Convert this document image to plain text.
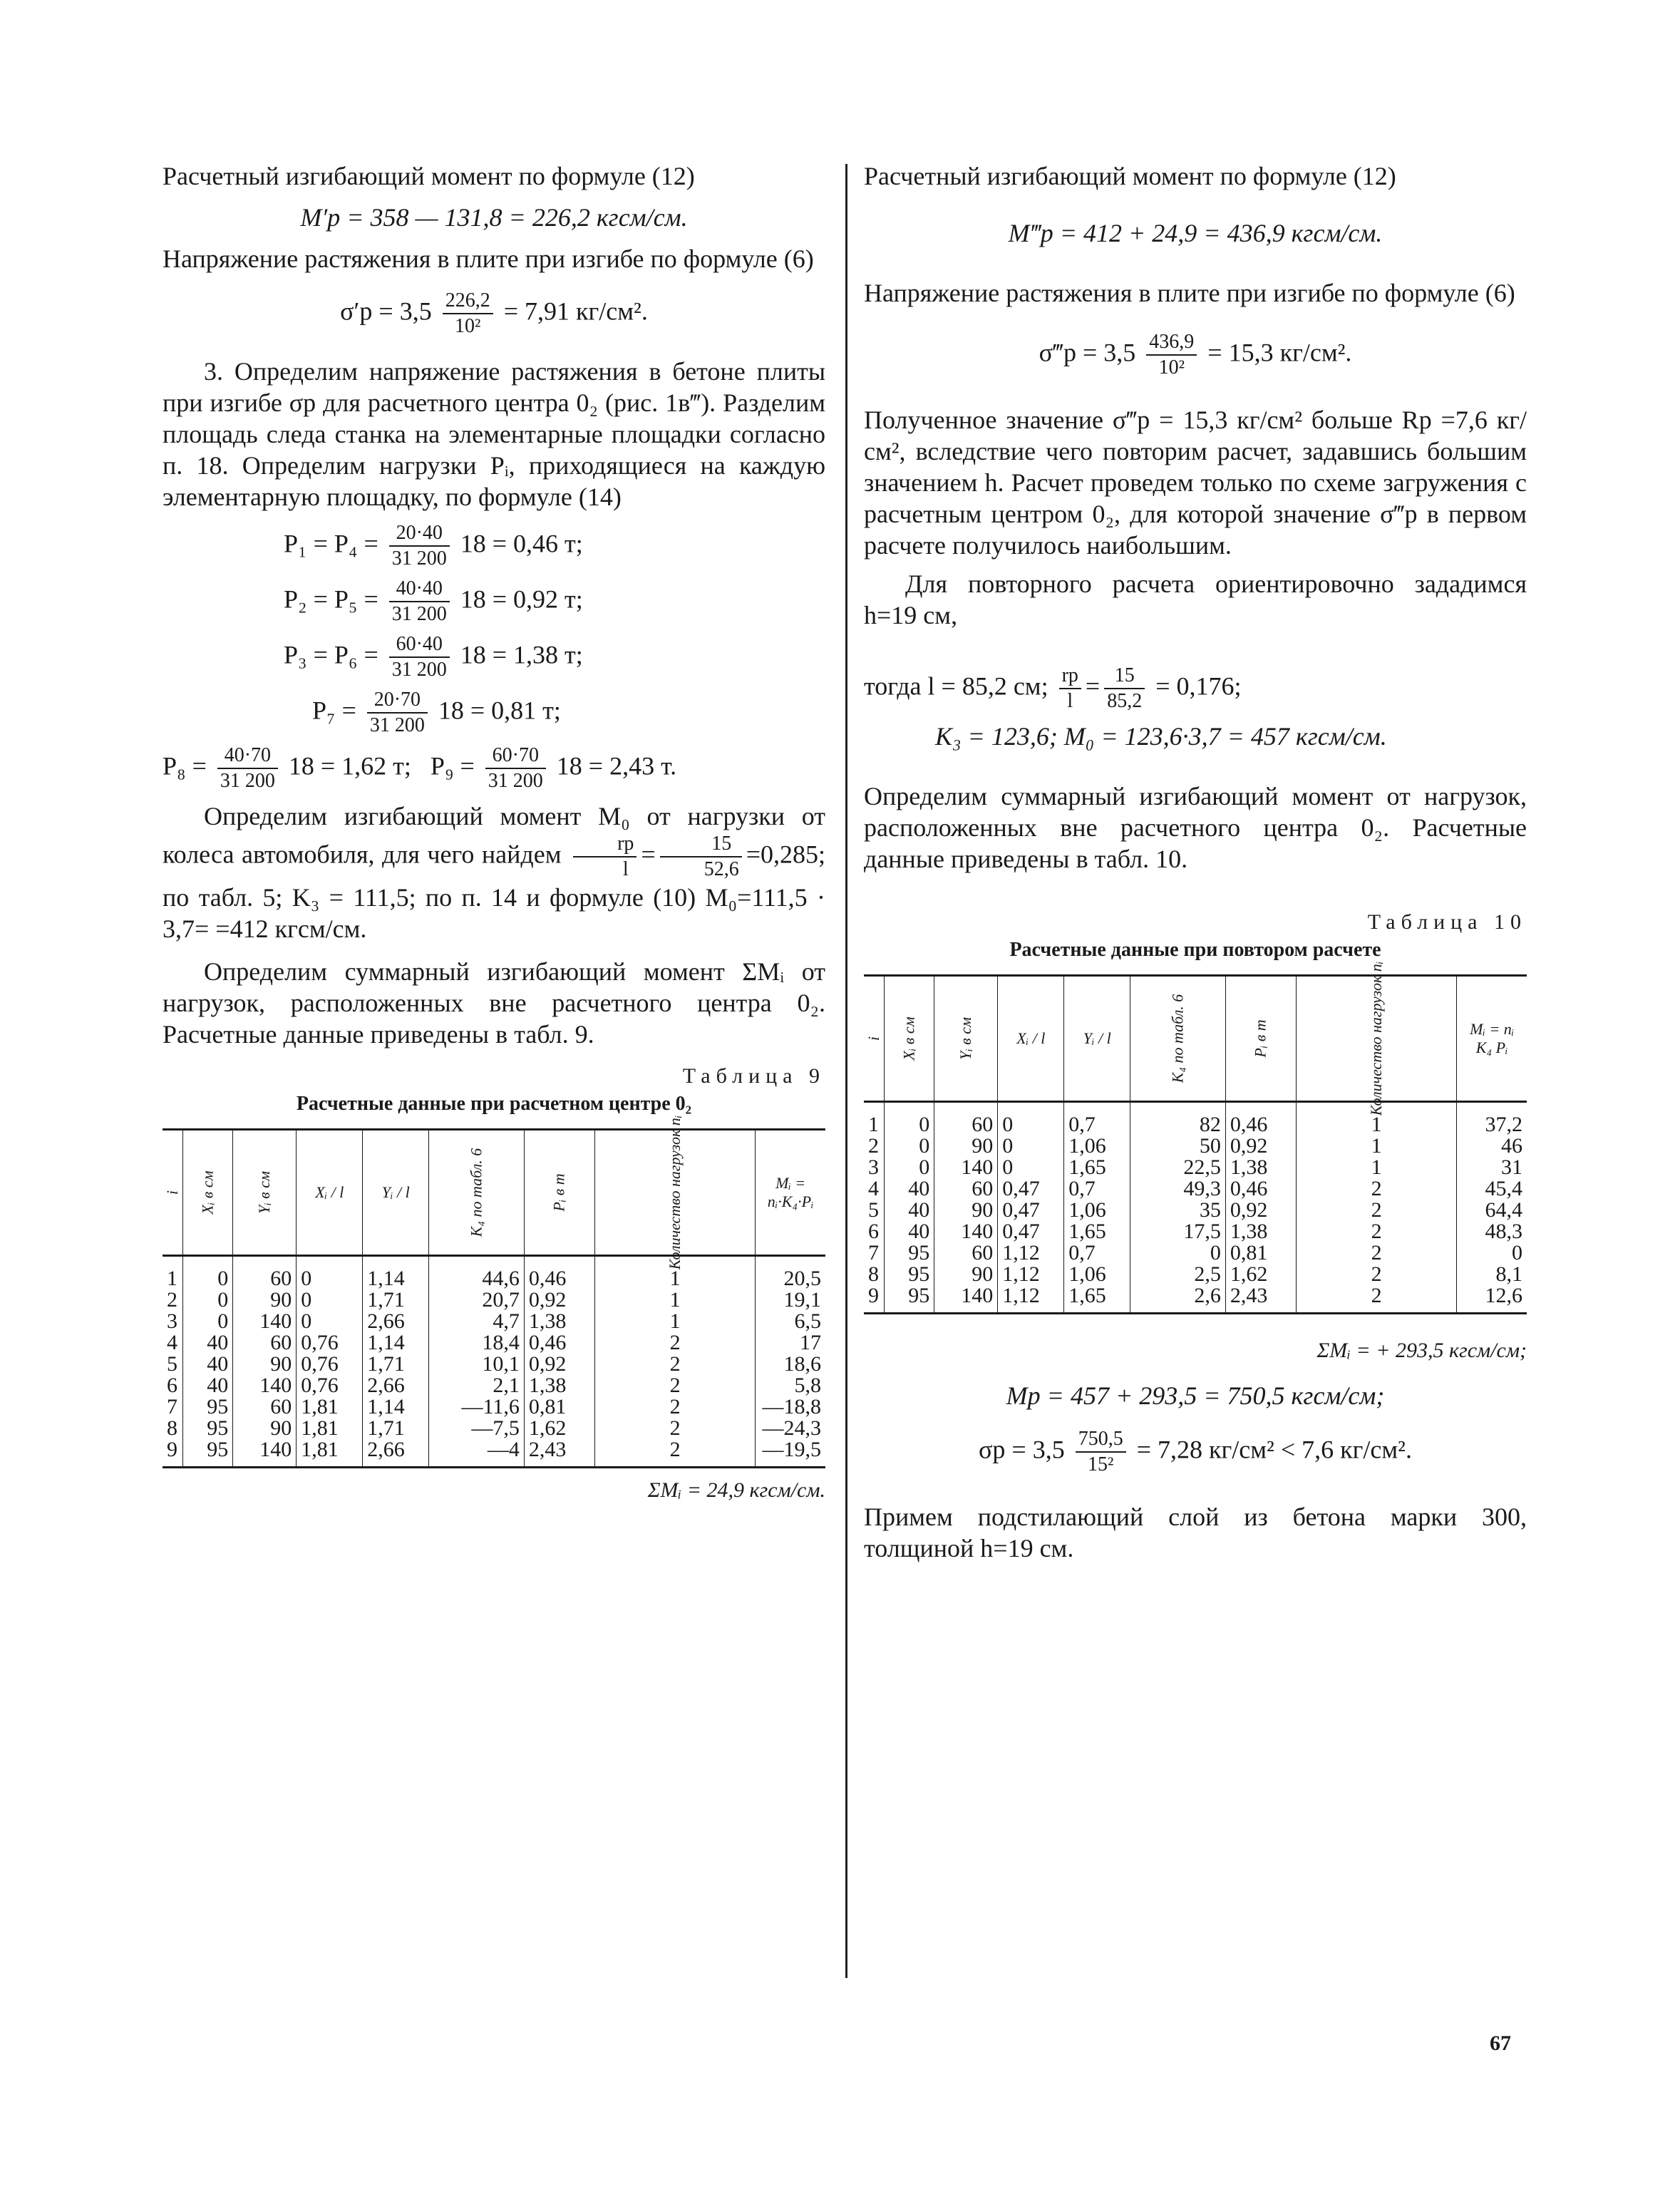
Расчетный изгибающий момент по формуле (12)

M′р = 358 — 131,8 = 226,2 кгсм/см.

Напряжение растяжения в плите при изгибе по формуле (6)

$\sigma'р = 3,5 \frac{226,2}{\text{10²}} = 7,91$ кг/см².

3. Определим напряжение растяжения в бетоне плиты при изгибе σр для расчетного центра 0₂ (рис. 1в‴). Разделим площадь следа станка на элементарные площадки согласно п. 18. Определим нагрузки Pᵢ, приходящиеся на каждую элементарную площадку, по формуле (14)

$P_1 = P_4 = \frac{20\cdot 40}{31 200} 18 = 0,46$ т;
$P_2 = P_5 = \frac{40\cdot 40}{31 200} 18 = 0,92$ т;
$P_3 = P_6 = \frac{60\cdot 40}{31 200} 18 = 1,38$ т;
$P_7 = \frac{20\cdot 70}{31 200} 18 = 0,81$ т;
$P_8 = \frac{40\cdot 70}{31 200} 18 = 1,62$ т; $P_9 = \frac{60\cdot 70}{31 200} 18 = 2,43$ т.

Определим изгибающий момент M₀ от нагрузки от колеса автомобиля, для чего найдем $\frac{rр}{l} = \frac{15}{52,6} =0,285$; по табл. 5; K₃ = 111,5; по п. 14 и формуле (10) M₀=111,5 · 3,7= =412 кгсм/см.

Определим суммарный изгибающий момент ΣMᵢ от нагрузок, расположенных вне расчетного центра 0₂. Расчетные данные приведены в табл. 9.

Таблица 9
Расчетные данные при расчетном центре 0₂
i	Xᵢ в см	Yᵢ в см	Xᵢ / l	Yᵢ / l	K₄ по табл. 6	Pᵢ в т	Количество нагрузок nᵢ	Mᵢ = nᵢ·K₄·Pᵢ
1	0	60	0	1,14	44,6	0,46	1	20,5
2	0	90	0	1,71	20,7	0,92	1	19,1
3	0	140	0	2,66	4,7	1,38	1	6,5
4	40	60	0,76	1,14	18,4	0,46	2	17
5	40	90	0,76	1,71	10,1	0,92	2	18,6
6	40	140	0,76	2,66	2,1	1,38	2	5,8
7	95	60	1,81	1,14	—11,6	0,81	2	—18,8
8	95	90	1,81	1,71	—7,5	1,62	2	—24,3
9	95	140	1,81	2,66	—4	2,43	2	—19,5
ΣMᵢ = 24,9 кгсм/см.

Расчетный изгибающий момент по формуле (12)

M‴р = 412 + 24,9 = 436,9 кгсм/см.

Напряжение растяжения в плите при изгибе по формуле (6)

σ‴р = $3,5 \frac{436,9}{\text{10²}} = 15,3$ кг/см².

Полученное значение σ‴р = 15,3 кг/см² больше Rр =7,6 кг/см², вследствие чего повторим расчет, задавшись большим значением h. Расчет проведем только по схеме загружения с расчетным центром 0₂, для которой значение σ‴р в первом расчете получилось наибольшим.

Для повторного расчета ориентировочно зададимся h=19 см,

тогда l = 85,2 см; $\frac{rр}{l} = \frac{15}{85,2} = 0,176$;
K₃ = 123,6; M₀ = 123,6·3,7 = 457 кгсм/см.

Определим суммарный изгибающий момент от нагрузок, расположенных вне расчетного центра 0₂. Расчетные данные приведены в табл. 10.

Таблица 10
Расчетные данные при повтором расчете
i	Xᵢ в см	Yᵢ в см	Xᵢ / l	Yᵢ / l	K₄ по табл. 6	Pᵢ в т	Количество нагрузок nᵢ	Mᵢ = nᵢ K₄ Pᵢ
1	0	60	0	0,7	82	0,46	1	37,2
2	0	90	0	1,06	50	0,92	1	46
3	0	140	0	1,65	22,5	1,38	1	31
4	40	60	0,47	0,7	49,3	0,46	2	45,4
5	40	90	0,47	1,06	35	0,92	2	64,4
6	40	140	0,47	1,65	17,5	1,38	2	48,3
7	95	60	1,12	0,7	0	0,81	2	0
8	95	90	1,12	1,06	2,5	1,62	2	8,1
9	95	140	1,12	1,65	2,6	2,43	2	12,6
ΣMᵢ = + 293,5 кгсм/см;
Mр = 457 + 293,5 = 750,5 кгсм/см;
$\sigma р = 3,5 \frac{750,5}{\text{15²}} = 7,28$ кг/см² < 7,6 кг/см².

Примем подстилающий слой из бетона марки 300, толщиной h=19 см.

67
